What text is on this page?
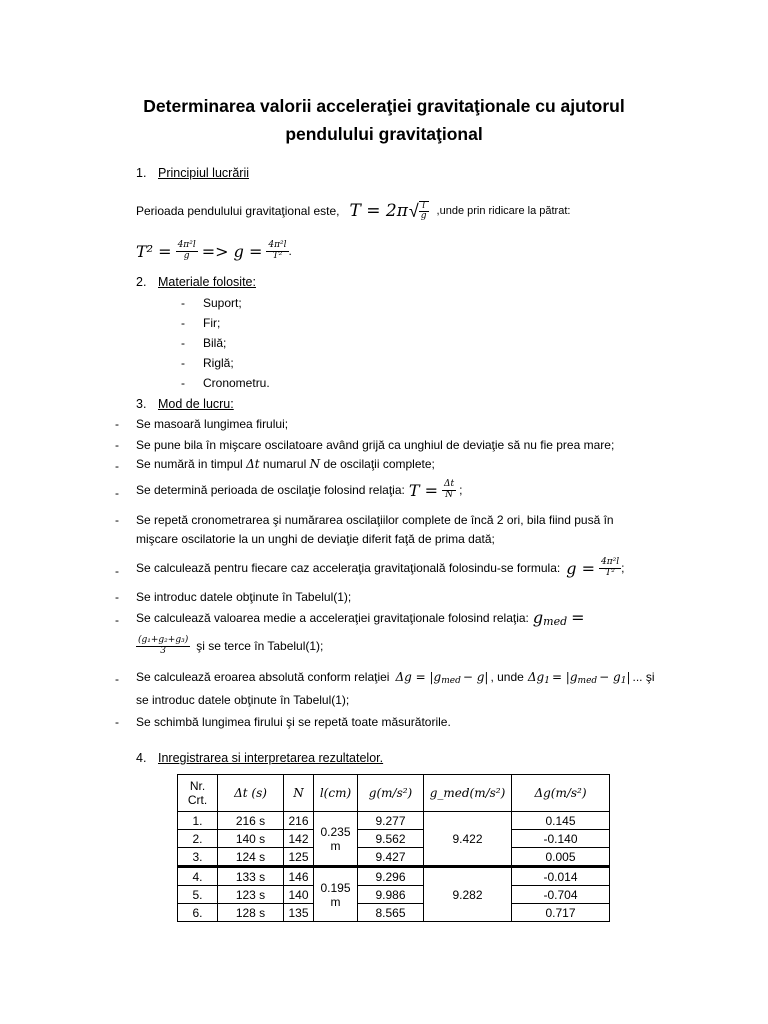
Determinarea valorii acceleraţiei gravitaţionale cu ajutorul
pendulului gravitaţional
1. Principiul lucrării
Perioada pendulului gravitaţional este, T = 2π √ $\frac{l}{g}$ ,unde prin ridicare la pătrat:
$T^2 = \frac{\text{4π²l}}{g} => g = \frac{\text{4π²l}}{\text{T²}}$ .
2. Materiale folosite:
- Suport;
- Fir;
- Bilă;
- Riglă;
- Cronometru.
3. Mod de lucru:
- Se masoară lungimea firului;
- Se pune bila în mişcare oscilatoare având grijă ca unghiul de deviaţie să nu fie prea mare;
- Se numără in timpul Δt numarul N de oscilaţii complete;
- Se determină perioada de oscilaţie folosind relaţia: $T = \frac{\Delta t}{N}$ ;
- Se repetă cronometrarea şi numărarea oscilaţiilor complete de încă 2 ori, bila fiind pusă în
mişcare oscilatorie la un unghi de deviaţie diferit faţă de prima dată;
- Se calculează pentru fiecare caz acceleraţia gravitaţională folosindu-se formula: $g = \frac{\text{4π²l}}{\text{T²}}$ ;
- Se introduc datele obţinute în Tabelul(1);
- Se calculează valoarea medie a acceleraţiei gravitaţionale folosind relaţia: g med =
$\frac{\text{(g₁+g₂+g₃)}}{3}$ şi se terce în Tabelul(1);
- Se calculează eroarea absolută conform relaţiei Δg = |g med − g| , unde Δg 1 = |g med − g 1 | ... şi
se introduc datele obţinute în Tabelul(1);
- Se schimbă lungimea firului şi se repetă toate măsurătorile.
4. Inregistrarea si interpretarea rezultatelor.
Nr.
Crt.	Δt (s)	N	l(cm)	g(m/s²)	g_med(m/s²)	Δg(m/s²)
1.	216 s	216	0.235
m	9.277	9.422	0.145
2.	140 s	142		9.562		-0.140
3.	124 s	125		9.427		0.005
4.	133 s	146	0.195
m	9.296	9.282	-0.014
5.	123 s	140		9.986		-0.704
6.	128 s	135		8.565		0.717
